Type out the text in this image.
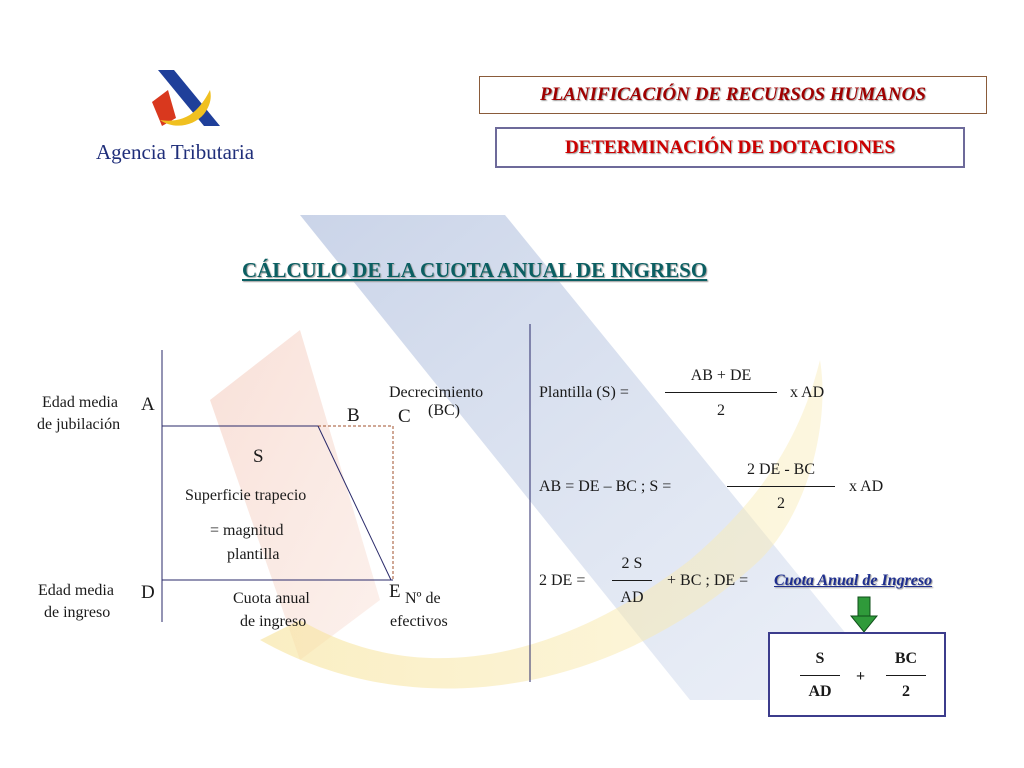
Agencia Tributaria
PLANIFICACIÓN DE RECURSOS HUMANOS
DETERMINACIÓN DE DOTACIONES
CÁLCULO DE LA CUOTA ANUAL DE INGRESO
Edad media
de jubilación
A
B C
Decrecimiento
(BC)
S
Superficie trapecio
= magnitud
plantilla
Edad media
de ingreso
D	E
Cuota anual
de ingreso
Nº de
efectivos
Plantilla (S) =
AB + DE
2
x AD
AB = DE – BC ; S =
2 DE - BC
2
x AD
2 DE =
2 S
AD
+ BC ; DE = Cuota Anual de Ingreso
S
AD
+
BC
2
